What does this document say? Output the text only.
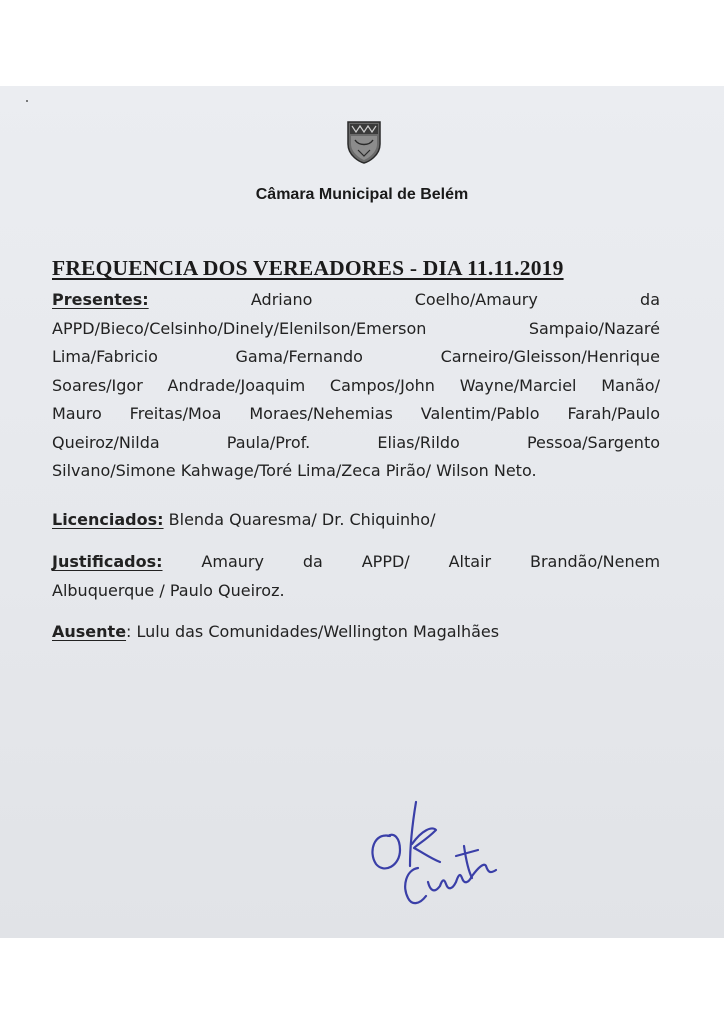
Câmara Municipal de Belém
FREQUENCIA DOS VEREADORES - DIA 11.11.2019
Presentes:	Adriano	Coelho/Amaury	da
APPD/Bieco/Celsinho/Dinely/Elenilson/Emerson	Sampaio/Nazaré
Lima/Fabricio	Gama/Fernando	Carneiro/Gleisson/Henrique
Soares/Igor Andrade/Joaquim Campos/John Wayne/Marciel Manão/
Mauro Freitas/Moa Moraes/Nehemias Valentim/Pablo Farah/Paulo
Queiroz/Nilda	Paula/Prof.	Elias/Rildo	Pessoa/Sargento
Silvano/Simone Kahwage/Toré Lima/Zeca Pirão/ Wilson Neto.
Licenciados: Blenda Quaresma/ Dr. Chiquinho/
Justificados: Amaury da APPD/ Altair Brandão/Nenem
Albuquerque / Paulo Queiroz.
Ausente: Lulu das Comunidades/Wellington Magalhães
